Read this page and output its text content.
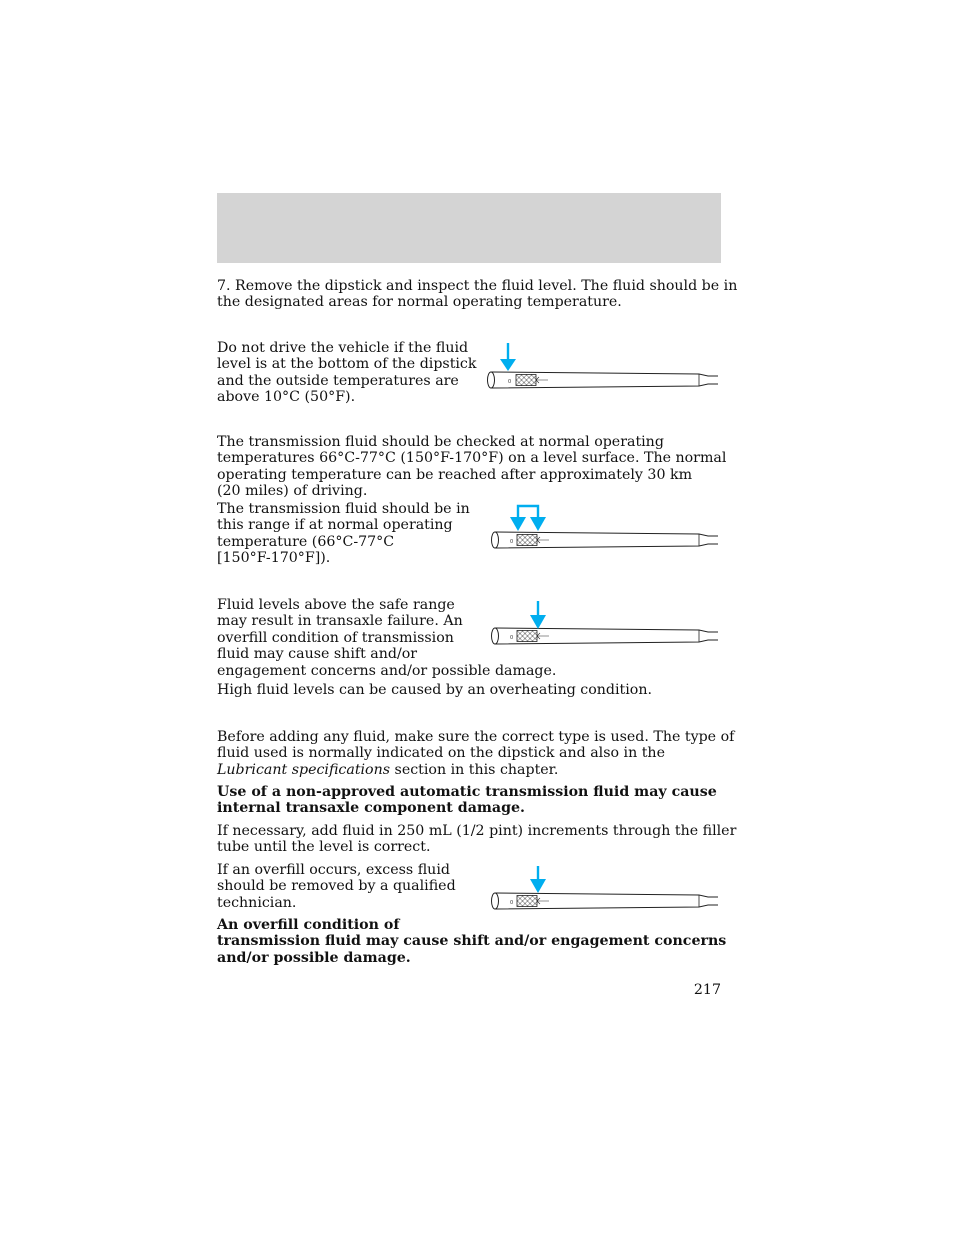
7. Remove the dipstick and inspect the fluid level. The fluid should be in
the designated areas for normal operating temperature.

Do not drive the vehicle if the fluid
level is at the bottom of the dipstick
and the outside temperatures are
above 10°C (50°F).

0

The transmission fluid should be checked at normal operating
temperatures 66°C-77°C (150°F-170°F) on a level surface. The normal
operating temperature can be reached after approximately 30 km
(20 miles) of driving.

The transmission fluid should be in
this range if at normal operating
temperature (66°C-77°C
[150°F-170°F]).

0

Fluid levels above the safe range
may result in transaxle failure. An
overfill condition of transmission
fluid may cause shift and/or
engagement concerns and/or possible damage.

0

High fluid levels can be caused by an overheating condition.

Before adding any fluid, make sure the correct type is used. The type of
fluid used is normally indicated on the dipstick and also in the
Lubricant specifications section in this chapter.

Use of a non-approved automatic transmission fluid may cause
internal transaxle component damage.

If necessary, add fluid in 250 mL (1/2 pint) increments through the filler
tube until the level is correct.

If an overfill occurs, excess fluid
should be removed by a qualified
technician.	0

An overfill condition of
transmission fluid may cause shift and/or engagement concerns
and/or possible damage.

217
